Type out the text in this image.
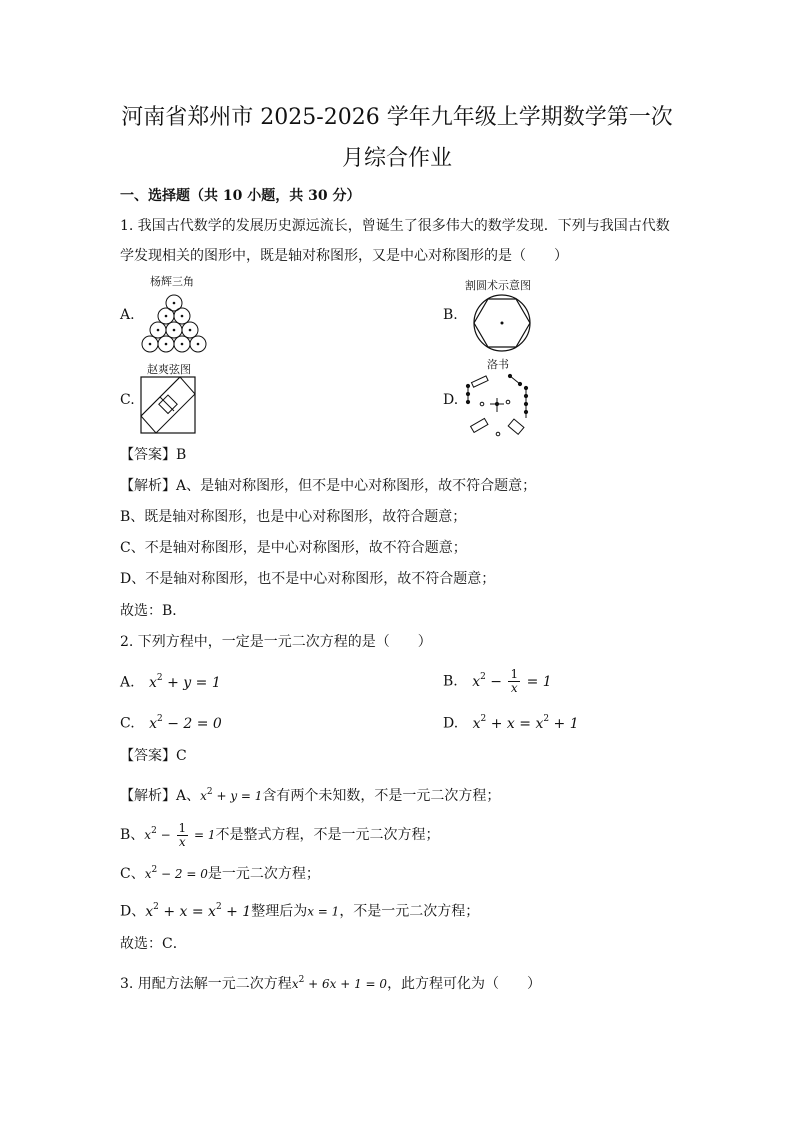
河南省郑州市 2025-2026 学年九年级上学期数学第一次
月综合作业
一、选择题（共 10 小题，共 30 分）
1. 我国古代数学的发展历史源远流长，曾诞生了很多伟大的数学发现．下列与我国古代数
学发现相关的图形中，既是轴对称图形，又是中心对称图形的是（　　）
杨辉三角
A.
割圆术示意图
B.
赵爽弦图
C.
洛书
D.
【答案】B
【解析】A、是轴对称图形，但不是中心对称图形，故不符合题意；
B、既是轴对称图形，也是中心对称图形，故符合题意；
C、不是轴对称图形，是中心对称图形，故不符合题意；
D、不是轴对称图形，也不是中心对称图形，故不符合题意；
故选：B．
2. 下列方程中，一定是一元二次方程的是（　　）
A. $x^2 + y = 1$	B. $x^2 - \frac{1}{x} = 1$
C. $x^2 - 2 = 0$	D. $x^2 + x = x^2 + 1$
【答案】C
【解析】A、$x^2 + y = 1$含有两个未知数，不是一元二次方程；
B、$x^2 - \frac{1}{x} = 1$不是整式方程，不是一元二次方程；
C、$x^2 - 2 = 0$是一元二次方程；
D、$x^2 + x = x^2 + 1$整理后为x = 1，不是一元二次方程；
故选：C．
3. 用配方法解一元二次方程$x^2 + 6x + 1 = 0$，此方程可化为（　　）
